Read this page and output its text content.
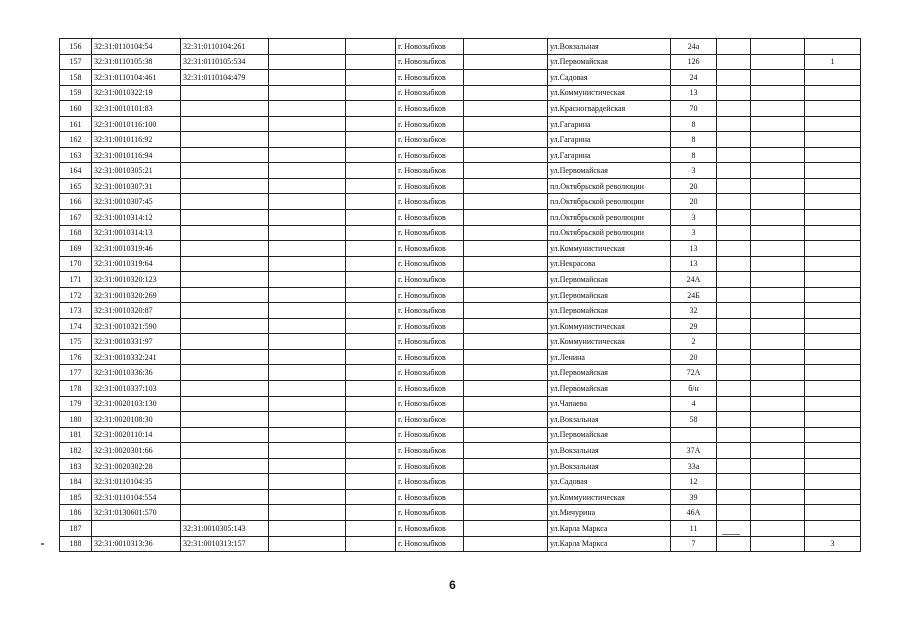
156	32:31:0110104:54	32:31:0110104:261			г. Новозыбков		ул.Вокзальная	24а			
157	32:31:0110105:38	32:31:0110105:534			г. Новозыбков		ул.Первомайская	126			1
158	32:31:0110104:461	32:31:0110104:479			г. Новозыбков		ул.Садовая	24			
159	32:31:0010322:19				г. Новозыбков		ул.Коммунистическая	13			
160	32:31:0010101:83				г. Новозыбков		ул.Красногвардейская	70			
161	32:31:0010116:100				г. Новозыбков		ул.Гагарина	8			
162	32:31:0010116:92				г. Новозыбков		ул.Гагарина	8			
163	32:31:0010116:94				г. Новозыбков		ул.Гагарина	8			
164	32:31:0010305:21				г. Новозыбков		ул.Первомайская	3			
165	32:31:0010307:31				г. Новозыбков		пл.Октябрьской революции	20			
166	32:31:0010307:45				г. Новозыбков		пл.Октябрьской революции	20			
167	32:31:0010314:12				г. Новозыбков		пл.Октябрьской революции	3			
168	32:31:0010314:13				г. Новозыбков		пл.Октябрьской революции	3			
169	32:31:0010319:46				г. Новозыбков		ул.Коммунистическая	13			
170	32:31:0010319:64				г. Новозыбков		ул.Некрасова	13			
171	32:31:0010320:123				г. Новозыбков		ул.Первомайская	24А			
172	32:31:0010320:269				г. Новозыбков		ул.Первомайская	24Б			
173	32:31:0010320:87				г. Новозыбков		ул.Первомайская	32			
174	32:31:0010321:590				г. Новозыбков		ул.Коммунистическая	29			
175	32:31:0010331:97				г. Новозыбков		ул.Коммунистическая	2			
176	32:31:0010332:241				г. Новозыбков		ул.Ленина	20			
177	32:31:0010336:36				г. Новозыбков		ул.Первомайская	72А			
178	32:31:0010337:103				г. Новозыбков		ул.Первомайская	б/н			
179	32:31:0020103:130				г. Новозыбков		ул.Чапаева	4			
180	32:31:0020108:30				г. Новозыбков		ул.Вокзальная	58			
181	32:31:0020110:14				г. Новозыбков		ул.Первомайская				
182	32:31:0020301:66				г. Новозыбков		ул.Вокзальная	37А			
183	32:31:0020302:28				г. Новозыбков		ул.Вокзальная	33а			
184	32:31:0110104:35				г. Новозыбков		ул.Садовая	12			
185	32:31:0110104:554				г. Новозыбков		ул.Коммунистическая	39			
186	32:31:0130601:570				г. Новозыбков		ул.Мичурина	46А			
187		32:31:0010305:143			г. Новозыбков		ул.Карла Маркса	11			
188	32:31:0010313:36	32:31:0010313:157			г. Новозыбков		ул.Карла Маркса	7			3
6
